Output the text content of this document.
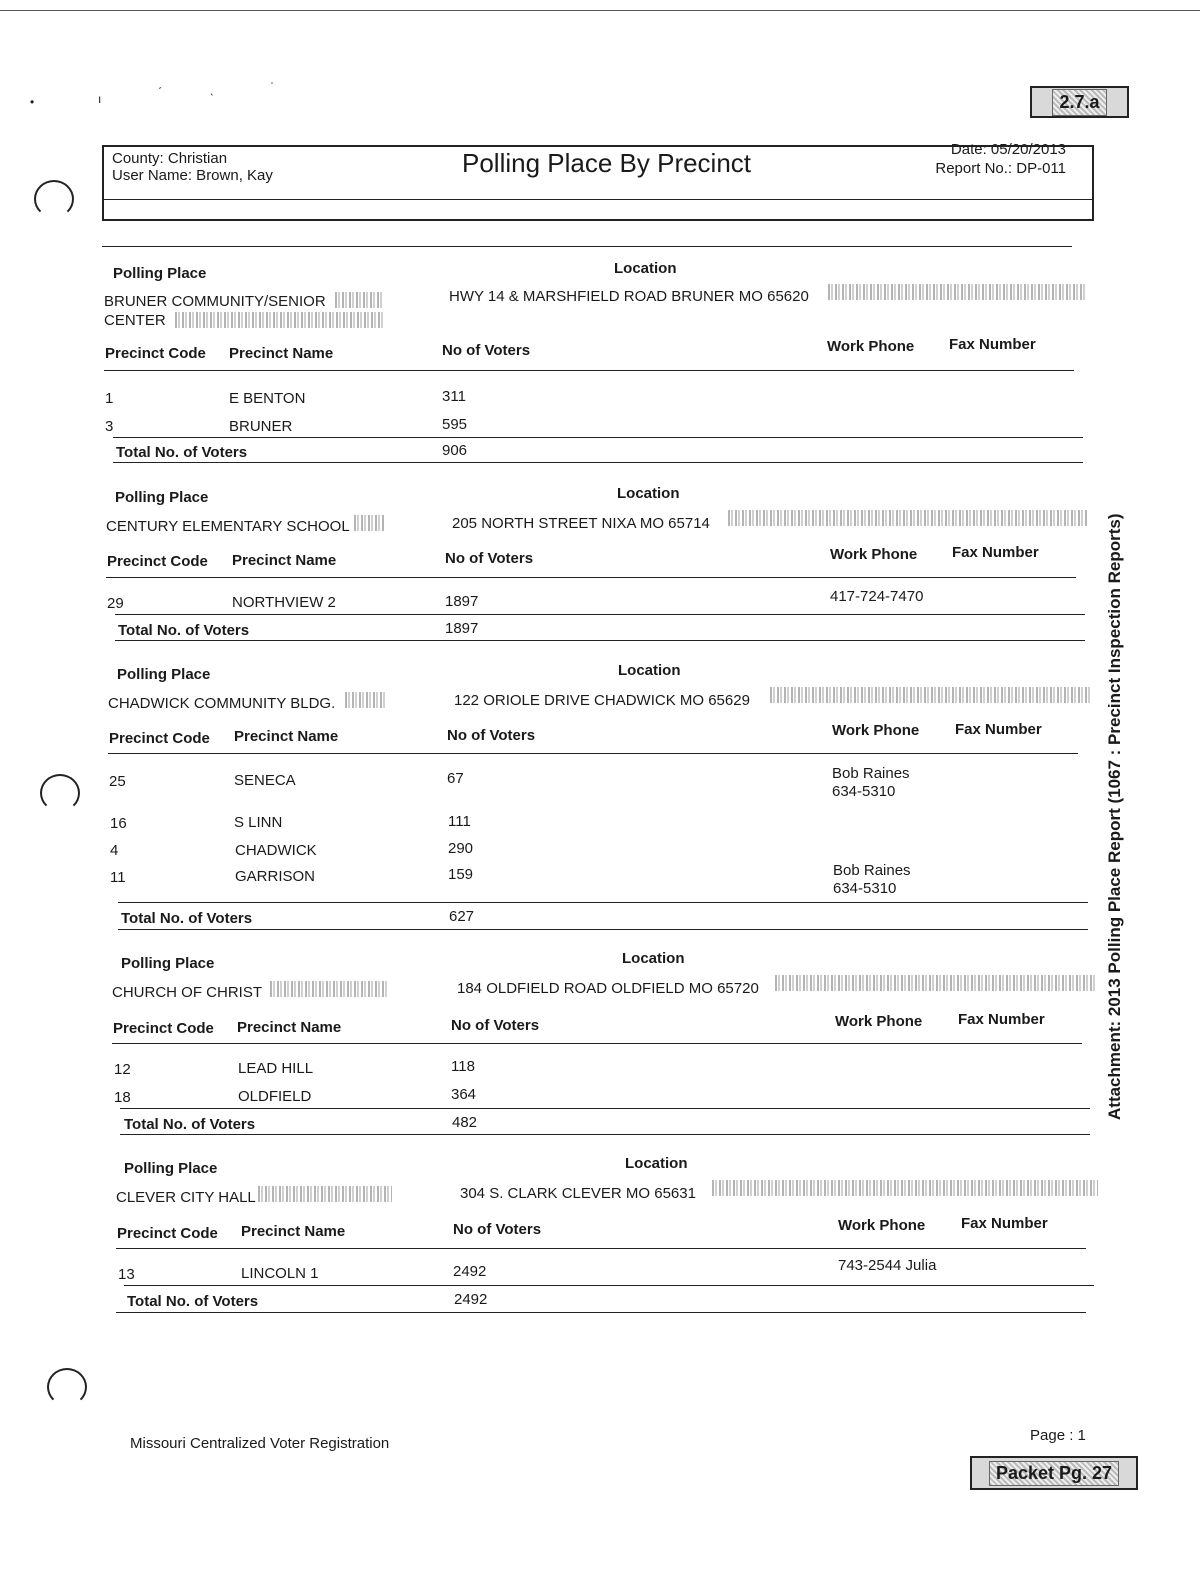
•	ı	ˊ	ˎ	ˈ
2.7.a
County: Christian
User Name: Brown, Kay	Polling Place By Precinct	Date: 05/20/2013
Report No.: DP-011
Polling Place	Location
BRUNER COMMUNITY/SENIOR
CENTER
HWY 14 & MARSHFIELD ROAD BRUNER MO 65620
Precinct Code Precinct Name	No of Voters	Work Phone Fax Number
1	E BENTON	311
3	BRUNER	595
Total No. of Voters	906
Polling Place	Location
CENTURY ELEMENTARY SCHOOL	205 NORTH STREET NIXA MO 65714
Precinct Code Precinct Name	No of Voters	Work Phone Fax Number
29	NORTHVIEW 2	1897	417-724-7470
Total No. of Voters	1897
Polling Place	Location
CHADWICK COMMUNITY BLDG.	122 ORIOLE DRIVE CHADWICK MO 65629
Precinct Code Precinct Name	No of Voters	Work Phone Fax Number
25	SENECA	67	Bob Raines
634-5310
16	S LINN	111
4	CHADWICK	290
11	GARRISON	159	Bob Raines
634-5310
Total No. of Voters	627
Polling Place	Location
CHURCH OF CHRIST	184 OLDFIELD ROAD OLDFIELD MO 65720
Precinct Code Precinct Name	No of Voters	Work Phone Fax Number
12	LEAD HILL	118
18	OLDFIELD	364
Total No. of Voters	482
Polling Place	Location
CLEVER CITY HALL	304 S. CLARK CLEVER MO 65631
Precinct Code Precinct Name	No of Voters	Work Phone Fax Number
13	LINCOLN 1	2492	743-2544 Julia
Total No. of Voters	2492
Attachment: 2013 Polling Place Report (1067 : Precinct Inspection Reports)
Missouri Centralized Voter Registration	Page : 1
Packet Pg. 27
